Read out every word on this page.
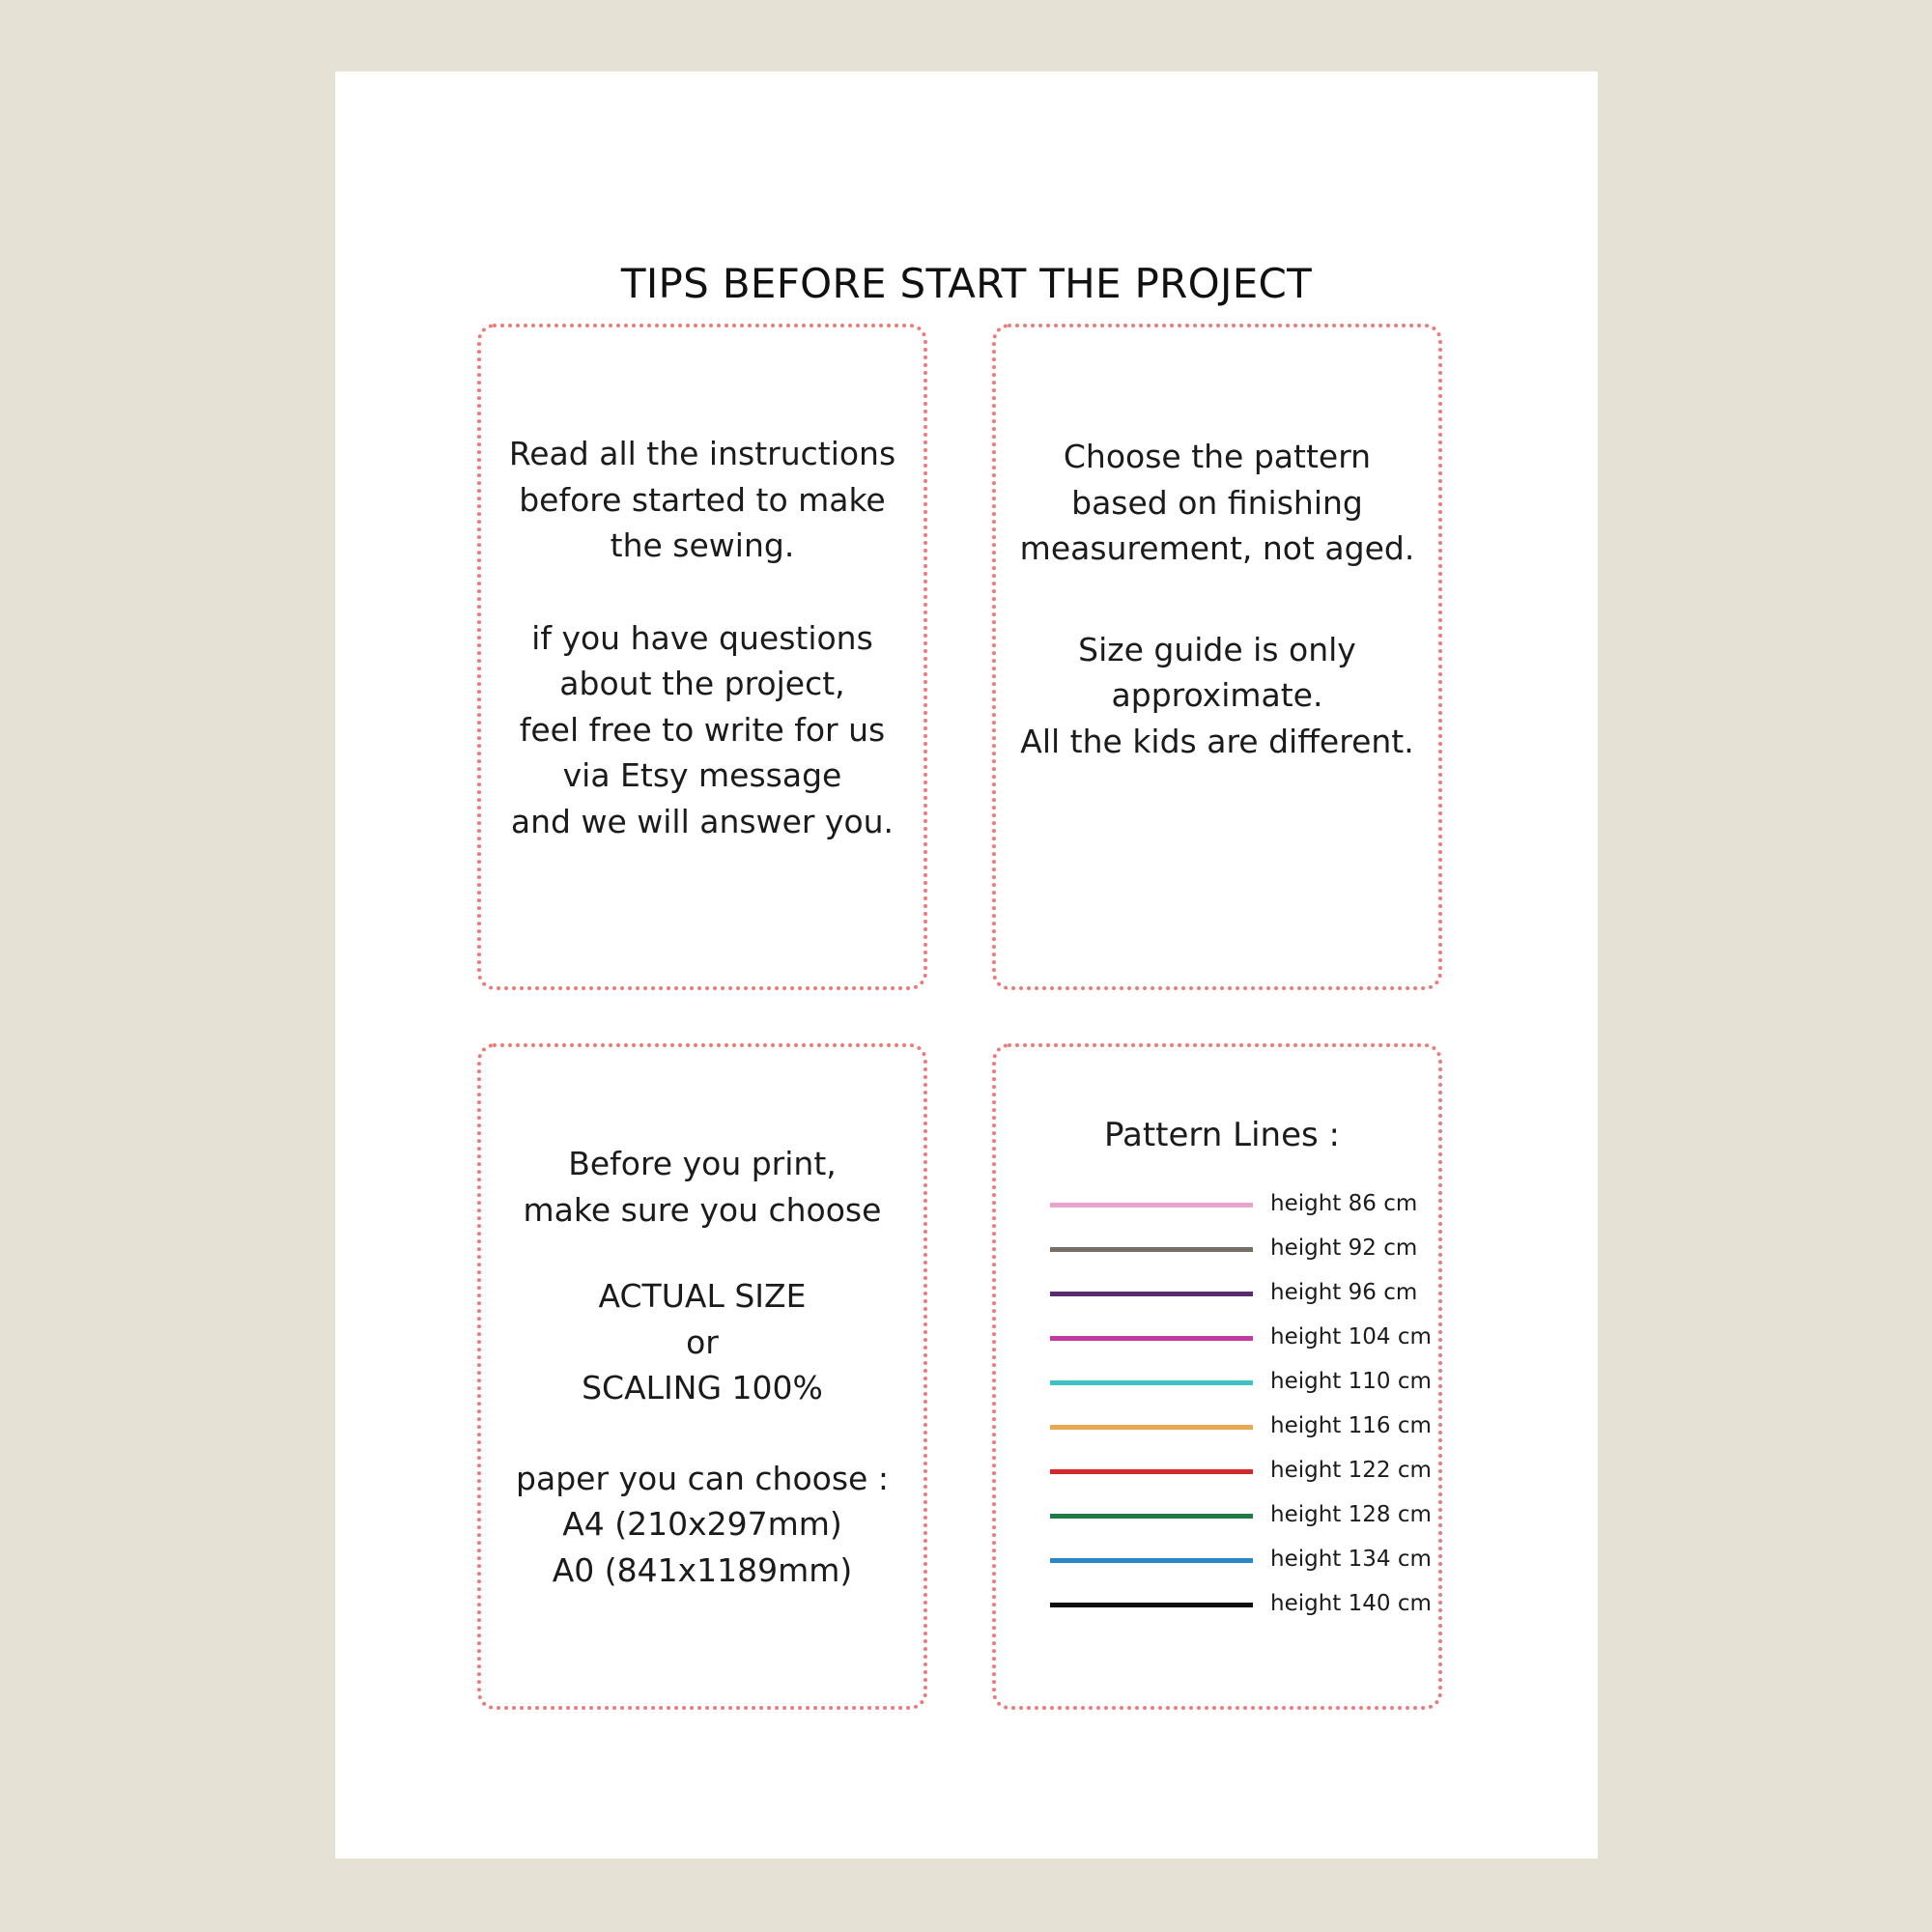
TIPS BEFORE START THE PROJECT

Read all the instructions

before started to make

the sewing.

if you have questions

about the project,

feel free to write for us

via Etsy message

and we will answer you.

Choose the pattern

based on finishing

measurement, not aged.

Size guide is only

approximate.

All the kids are different.

Before you print,

make sure you choose

ACTUAL SIZE

or

SCALING 100%

paper you can choose :

A4 (210x297mm)

A0 (841x1189mm)

Pattern Lines :

height 86 cm
height 92 cm
height 96 cm
height 104 cm
height 110 cm
height 116 cm
height 122 cm
height 128 cm
height 134 cm
height 140 cm
